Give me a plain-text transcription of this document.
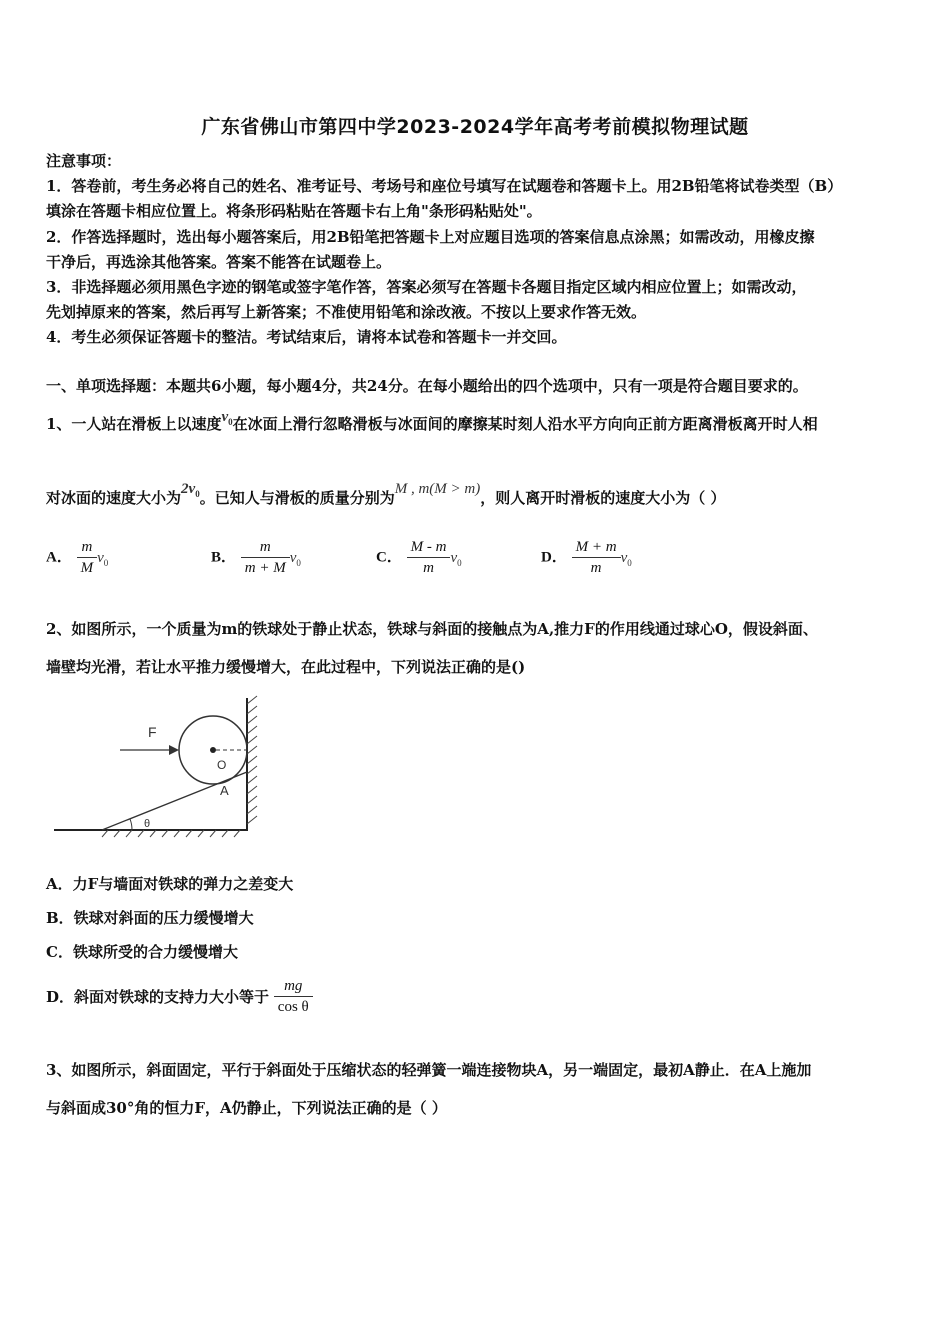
广东省佛山市第四中学2023-2024学年高考考前模拟物理试题
注意事项：
1．答卷前，考生务必将自己的姓名、准考证号、考场号和座位号填写在试题卷和答题卡上。用2B铅笔将试卷类型（B）
填涂在答题卡相应位置上。将条形码粘贴在答题卡右上角"条形码粘贴处"。
2．作答选择题时，选出每小题答案后，用2B铅笔把答题卡上对应题目选项的答案信息点涂黑；如需改动，用橡皮擦
干净后，再选涂其他答案。答案不能答在试题卷上。
3．非选择题必须用黑色字迹的钢笔或签字笔作答，答案必须写在答题卡各题目指定区域内相应位置上；如需改动，
先划掉原来的答案，然后再写上新答案；不准使用铅笔和涂改液。不按以上要求作答无效。
4．考生必须保证答题卡的整洁。考试结束后，请将本试卷和答题卡一并交回。
一、单项选择题：本题共6小题，每小题4分，共24分。在每小题给出的四个选项中，只有一项是符合题目要求的。
1、一人站在滑板上以速度$v_0$在冰面上滑行忽略滑板与冰面间的摩擦某时刻人沿水平方向向正前方距离滑板离开时人相
对冰面的速度大小为$2v_0$。已知人与滑板的质量分别为M , m(M > m)，则人离开时滑板的速度大小为（ ）
A． $\frac{m}{M} v_0$	B． $\frac{m}{m + M} v_0$	C． $\frac{M - m}{m} v_0$	D． $\frac{M + m}{m} v_0$
2、如图所示，一个质量为m的铁球处于静止状态，铁球与斜面的接触点为A,推力F的作用线通过球心O，假设斜面、
墙壁均光滑，若让水平推力缓慢增大，在此过程中，下列说法正确的是()
F
O
A
θ
A．力F与墙面对铁球的弹力之差变大
B．铁球对斜面的压力缓慢增大
C．铁球所受的合力缓慢增大
D．斜面对铁球的支持力大小等于 $\frac{mg}{\text{cos θ}}$
3、如图所示，斜面固定，平行于斜面处于压缩状态的轻弹簧一端连接物块A，另一端固定，最初A静止．在A上施加
与斜面成30°角的恒力F，A仍静止，下列说法正确的是（ ）
